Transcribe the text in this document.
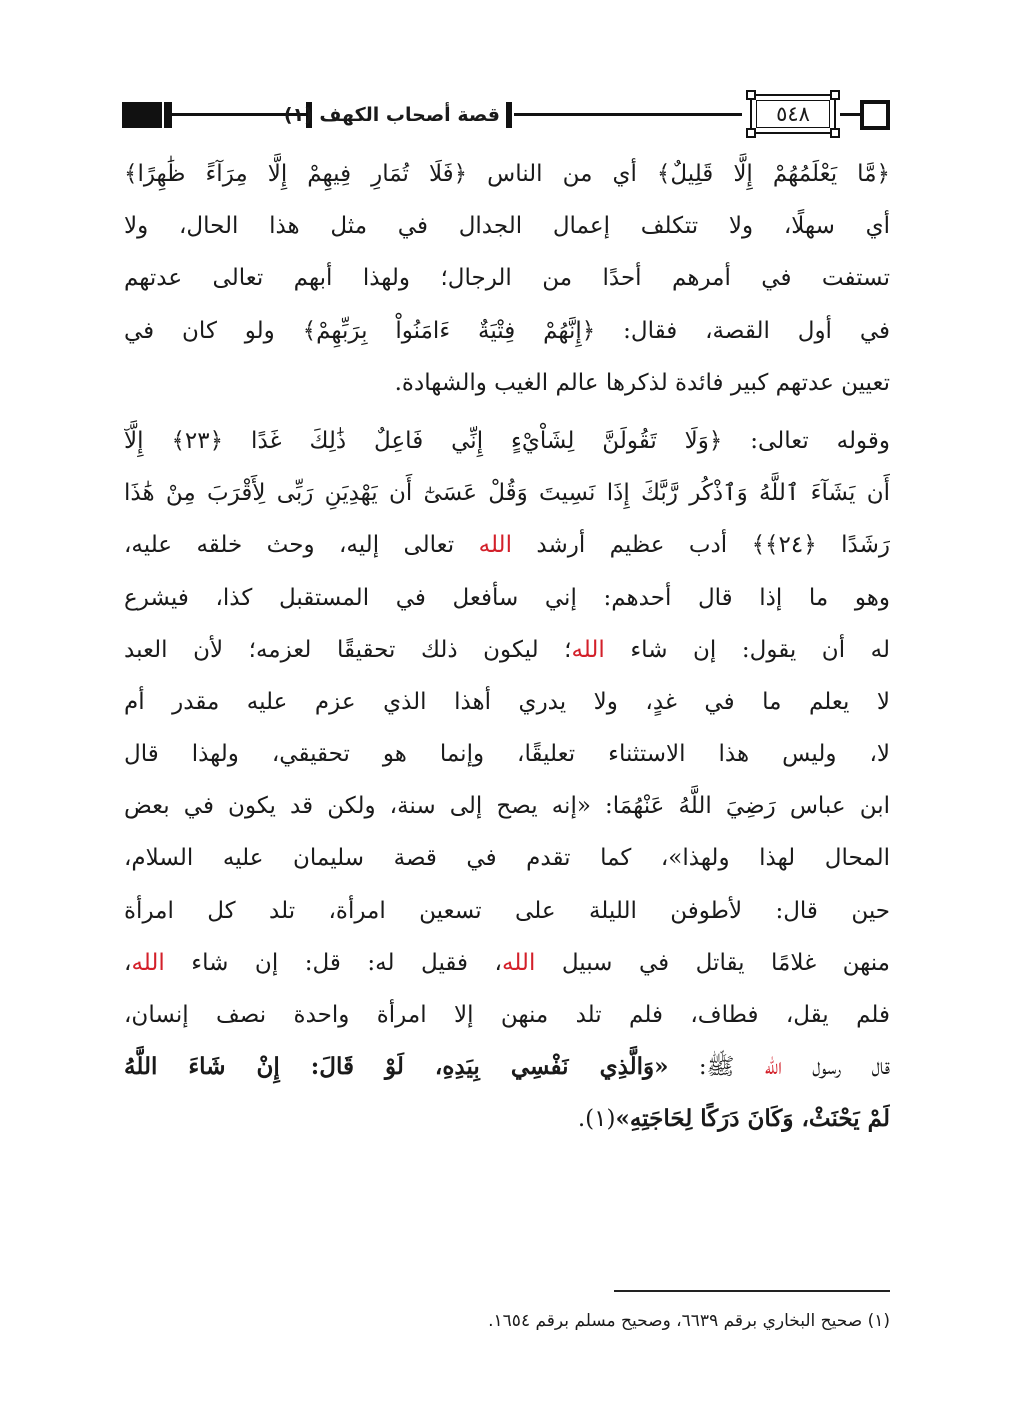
قصة أصحاب الكهف (١)	٥٤٨
﴿مَّا يَعْلَمُهُمْ إِلَّا قَلِيلٌ﴾ أي من الناس ﴿فَلَا تُمَارِ فِيهِمْ إِلَّا مِرَآءً ظَٰهِرًا﴾
أي سهلًا، ولا تتكلف إعمال الجدال في مثل هذا الحال، ولا
تستفت في أمرهم أحدًا من الرجال؛ ولهذا أبهم تعالى عدتهم
في أول القصة، فقال: ﴿إِنَّهُمْ فِتْيَةٌ ءَامَنُواْ بِرَبِّهِمْ﴾ ولو كان في
تعيين عدتهم كبير فائدة لذكرها عالم الغيب والشهادة.
وقوله تعالى: ﴿وَلَا تَقُولَنَّ لِشَاْيْءٍ إِنِّي فَاعِلٌ ذَٰلِكَ غَدًا ﴿٢٣﴾ إِلَّآ
أَن يَشَآءَ ٱللَّهُ وَٱذْكُر رَّبَّكَ إِذَا نَسِيتَ وَقُلْ عَسَىٰٓ أَن يَهْدِيَنِ رَبِّى لِأَقْرَبَ مِنْ هَٰذَا
رَشَدًا ﴿٢٤﴾﴾ أدب عظيم أرشد الله تعالى إليه، وحث خلقه عليه،
وهو ما إذا قال أحدهم: إني سأفعل في المستقبل كذا، فيشرع
له أن يقول: إن شاء الله؛ ليكون ذلك تحقيقًا لعزمه؛ لأن العبد
لا يعلم ما في غدٍ، ولا يدري أهذا الذي عزم عليه مقدر أم
لا، وليس هذا الاستثناء تعليقًا، وإنما هو تحقيقي، ولهذا قال
ابن عباس رَضِيَ اللَّهُ عَنْهُمَا: «إنه يصح إلى سنة، ولكن قد يكون في بعض
المحال لهذا ولهذا»، كما تقدم في قصة سليمان عليه السلام،
حين قال: لأطوفن الليلة على تسعين امرأة، تلد كل امرأة
منهن غلامًا يقاتل في سبيل الله، فقيل له: قل: إن شاء الله،
فلم يقل، فطاف، فلم تلد منهن إلا امرأة واحدة نصف إنسان،
قال رسول الله ﷺ: «وَالَّذِي نَفْسِي بِيَدِهِ، لَوْ قَالَ: إِنْ شَاءَ اللَّهُ
لَمْ يَحْنَثْ، وَكَانَ دَرَكًا لِحَاجَتِهِ»(١).
(١) صحيح البخاري برقم ٦٦٣٩، وصحيح مسلم برقم ١٦٥٤.
